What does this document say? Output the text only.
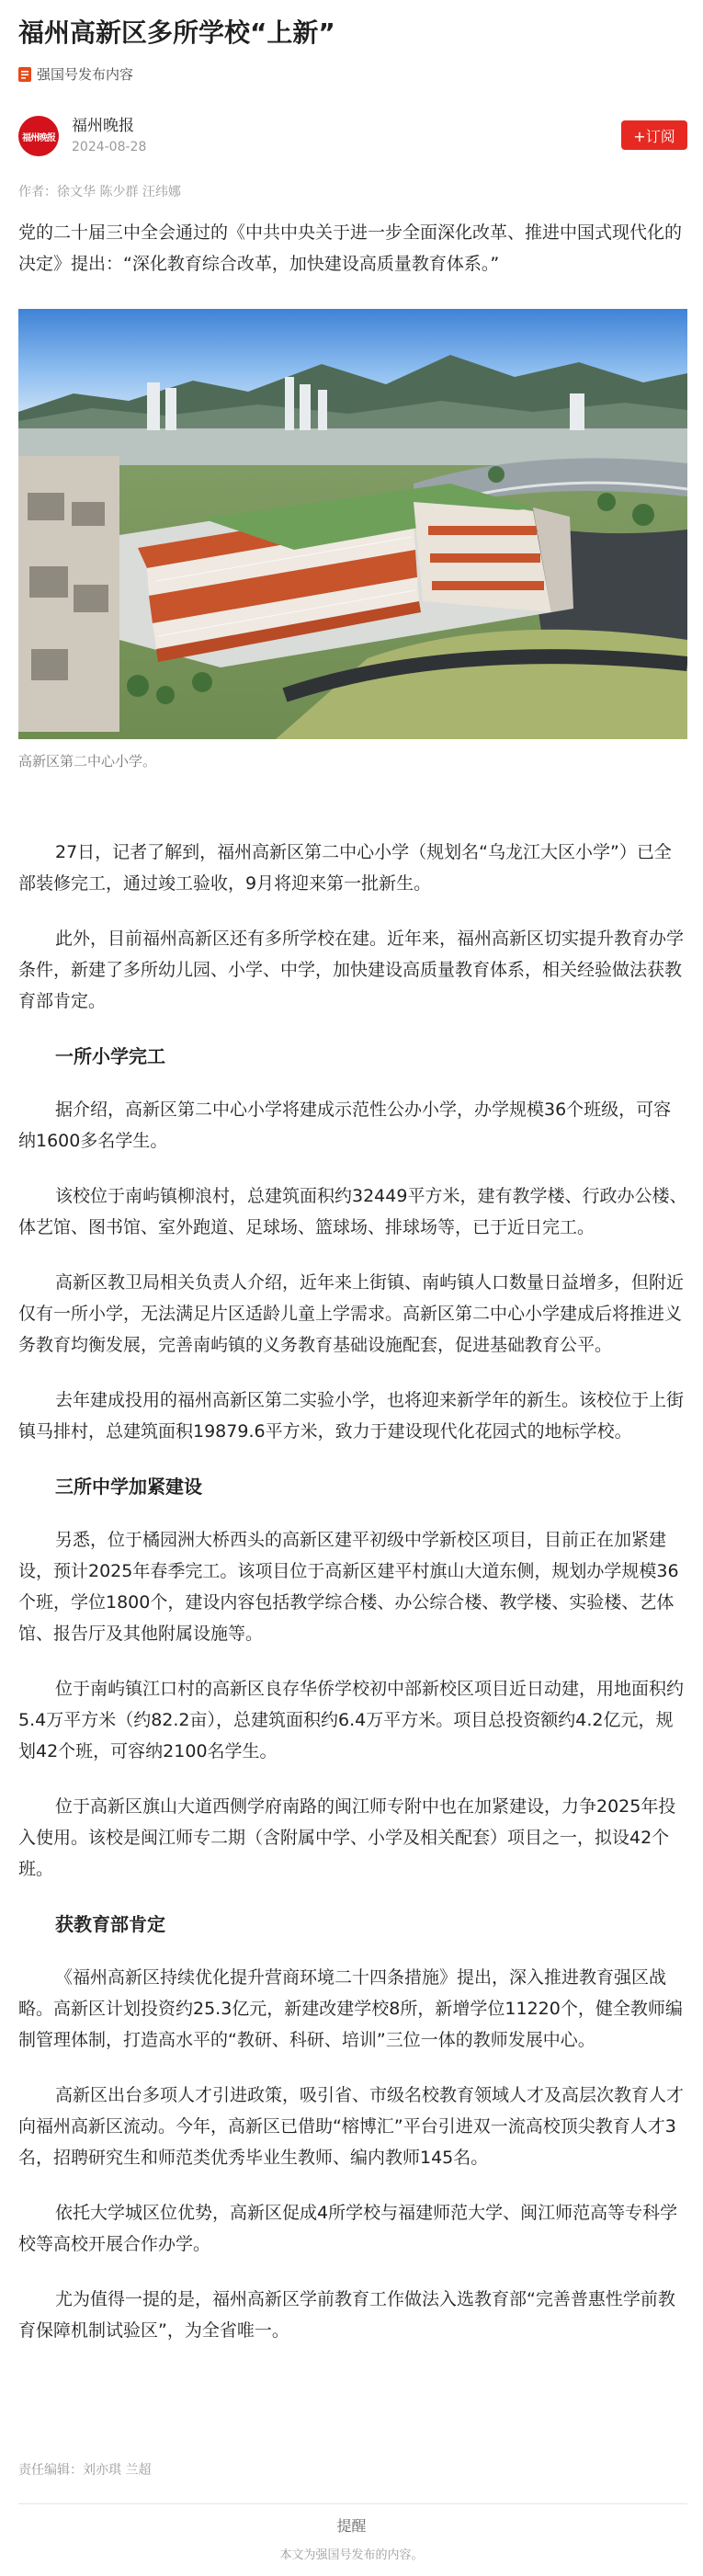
福州高新区多所学校“上新”
强国号发布内容
福州晚报
福州晚报
2024-08-28
+订阅
作者：徐文华 陈少群 汪纬娜

党的二十届三中全会通过的《中共中央关于进一步全面深化改革、推进中国式现代化的决定》提出：“深化教育综合改革，加快建设高质量教育体系。”

高新区第二中心小学。

27日，记者了解到，福州高新区第二中心小学（规划名“乌龙江大区小学”）已全部装修完工，通过竣工验收，9月将迎来第一批新生。

此外，目前福州高新区还有多所学校在建。近年来，福州高新区切实提升教育办学条件，新建了多所幼儿园、小学、中学，加快建设高质量教育体系，相关经验做法获教育部肯定。

一所小学完工

据介绍，高新区第二中心小学将建成示范性公办小学，办学规模36个班级，可容纳1600多名学生。

该校位于南屿镇柳浪村，总建筑面积约32449平方米，建有教学楼、行政办公楼、体艺馆、图书馆、室外跑道、足球场、篮球场、排球场等，已于近日完工。

高新区教卫局相关负责人介绍，近年来上街镇、南屿镇人口数量日益增多，但附近仅有一所小学，无法满足片区适龄儿童上学需求。高新区第二中心小学建成后将推进义务教育均衡发展，完善南屿镇的义务教育基础设施配套，促进基础教育公平。

去年建成投用的福州高新区第二实验小学，也将迎来新学年的新生。该校位于上街镇马排村，总建筑面积19879.6平方米，致力于建设现代化花园式的地标学校。

三所中学加紧建设

另悉，位于橘园洲大桥西头的高新区建平初级中学新校区项目，目前正在加紧建设，预计2025年春季完工。该项目位于高新区建平村旗山大道东侧，规划办学规模36个班，学位1800个，建设内容包括教学综合楼、办公综合楼、教学楼、实验楼、艺体馆、报告厅及其他附属设施等。

位于南屿镇江口村的高新区良存华侨学校初中部新校区项目近日动建，用地面积约5.4万平方米（约82.2亩），总建筑面积约6.4万平方米。项目总投资额约4.2亿元，规划42个班，可容纳2100名学生。

位于高新区旗山大道西侧学府南路的闽江师专附中也在加紧建设，力争2025年投入使用。该校是闽江师专二期（含附属中学、小学及相关配套）项目之一，拟设42个班。

获教育部肯定

《福州高新区持续优化提升营商环境二十四条措施》提出，深入推进教育强区战略。高新区计划投资约25.3亿元，新建改建学校8所，新增学位11220个，健全教师编制管理体制，打造高水平的“教研、科研、培训”三位一体的教师发展中心。

高新区出台多项人才引进政策，吸引省、市级名校教育领域人才及高层次教育人才向福州高新区流动。今年，高新区已借助“榕博汇”平台引进双一流高校顶尖教育人才3名，招聘研究生和师范类优秀毕业生教师、编内教师145名。

依托大学城区位优势，高新区促成4所学校与福建师范大学、闽江师范高等专科学校等高校开展合作办学。

尤为值得一提的是，福州高新区学前教育工作做法入选教育部“完善普惠性学前教育保障机制试验区”，为全省唯一。

责任编辑：刘亦琪 兰超
提醒
本文为强国号发布的内容。
